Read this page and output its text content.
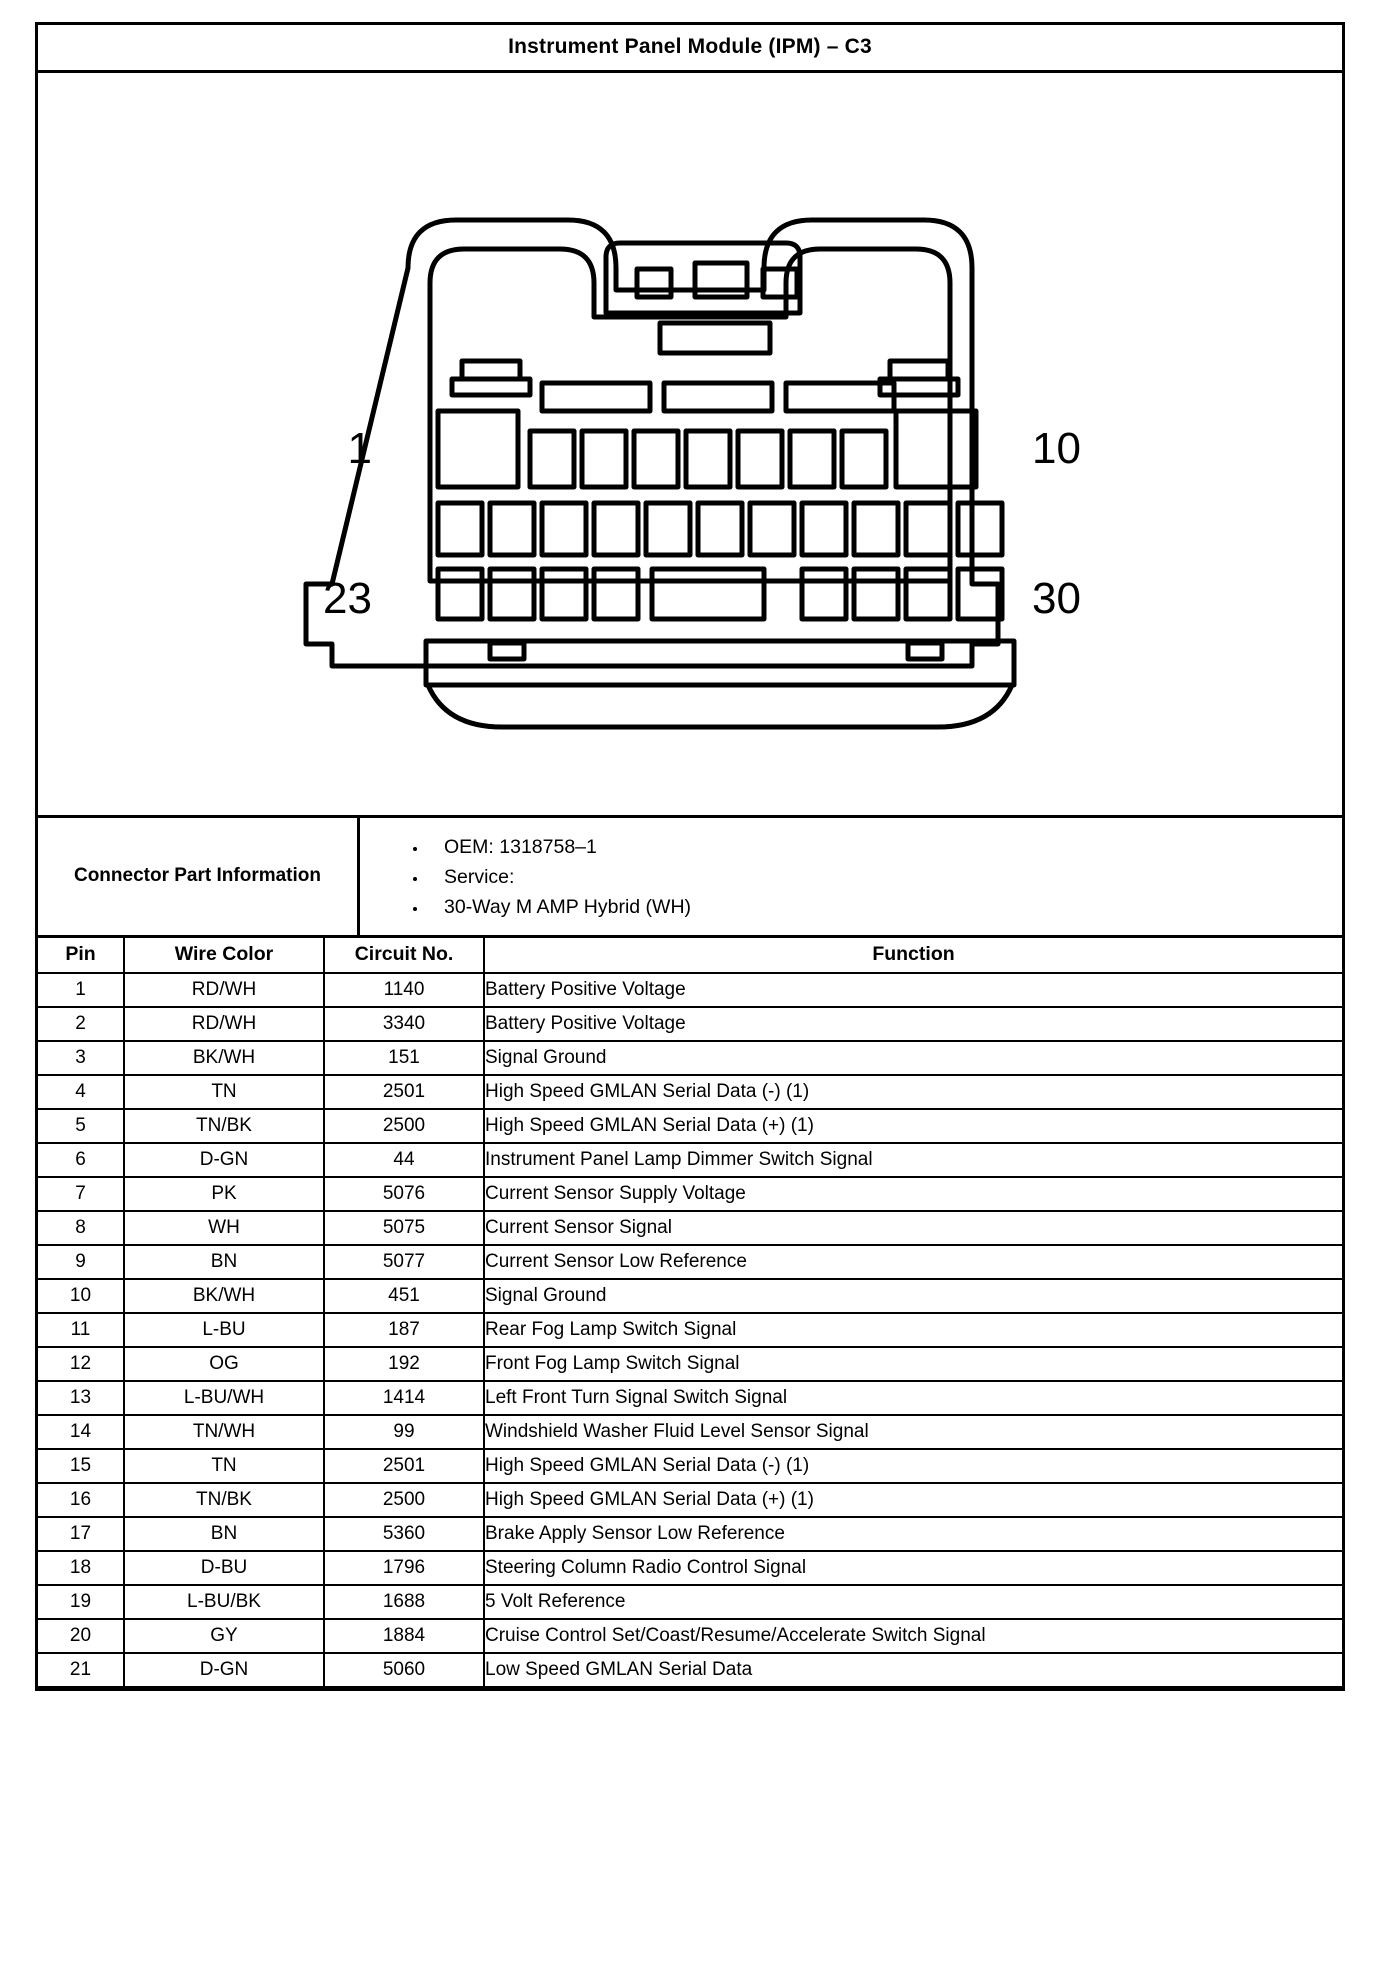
Instrument Panel Module (IPM) – C3
1	10
23	30
Connector Part Information
• OEM: 1318758–1
• Service:
• 30-Way M AMP Hybrid (WH)
Pin	Wire Color	Circuit No.	Function
1	RD/WH	1140	Battery Positive Voltage
2	RD/WH	3340	Battery Positive Voltage
3	BK/WH	151	Signal Ground
4	TN	2501	High Speed GMLAN Serial Data (-) (1)
5	TN/BK	2500	High Speed GMLAN Serial Data (+) (1)
6	D-GN	44	Instrument Panel Lamp Dimmer Switch Signal
7	PK	5076	Current Sensor Supply Voltage
8	WH	5075	Current Sensor Signal
9	BN	5077	Current Sensor Low Reference
10	BK/WH	451	Signal Ground
11	L-BU	187	Rear Fog Lamp Switch Signal
12	OG	192	Front Fog Lamp Switch Signal
13	L-BU/WH	1414	Left Front Turn Signal Switch Signal
14	TN/WH	99	Windshield Washer Fluid Level Sensor Signal
15	TN	2501	High Speed GMLAN Serial Data (-) (1)
16	TN/BK	2500	High Speed GMLAN Serial Data (+) (1)
17	BN	5360	Brake Apply Sensor Low Reference
18	D-BU	1796	Steering Column Radio Control Signal
19	L-BU/BK	1688	5 Volt Reference
20	GY	1884	Cruise Control Set/Coast/Resume/Accelerate Switch Signal
21	D-GN	5060	Low Speed GMLAN Serial Data
